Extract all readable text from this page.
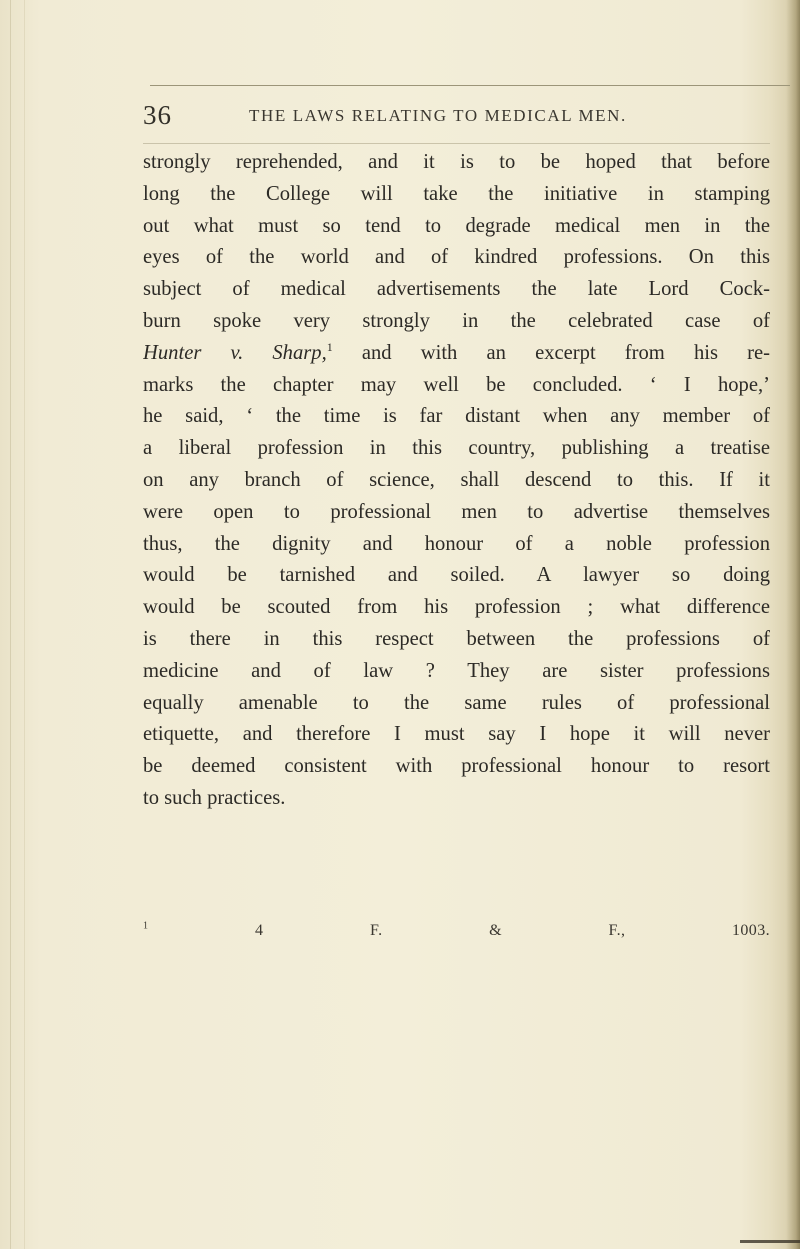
36	THE LAWS RELATING TO MEDICAL MEN.
strongly reprehended, and it is to be hoped that before
long the College will take the initiative in stamping
out what must so tend to degrade medical men in the
eyes of the world and of kindred professions. On this
subject of medical advertisements the late Lord Cock-
burn spoke very strongly in the celebrated case of
Hunter v. Sharp,$^1$ and with an excerpt from his re-
marks the chapter may well be concluded. ‘ I hope,’
he said, ‘ the time is far distant when any member of
a liberal profession in this country, publishing a treatise
on any branch of science, shall descend to this. If it
were open to professional men to advertise themselves
thus, the dignity and honour of a noble profession
would be tarnished and soiled. A lawyer so doing
would be scouted from his profession ; what difference
is there in this respect between the professions of
medicine and of law ? They are sister professions
equally amenable to the same rules of professional
etiquette, and therefore I must say I hope it will never
be deemed consistent with professional honour to resort
to such practices.
$^1$ 4 F. & F., 1003.
